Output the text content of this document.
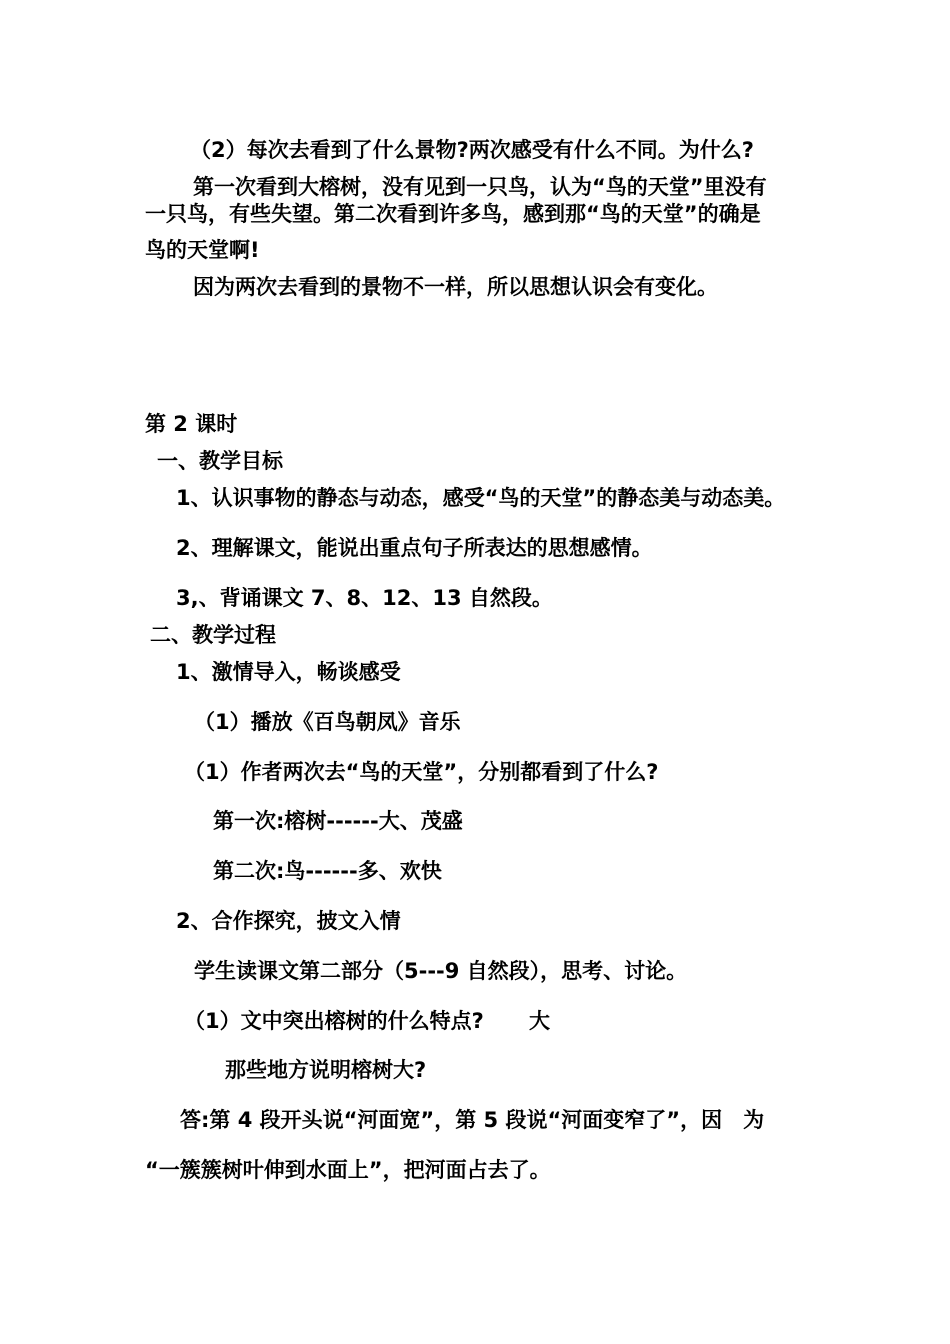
（2）每次去看到了什么景物?两次感受有什么不同。为什么?
第一次看到大榕树，没有见到一只鸟，认为“鸟的天堂”里没有
一只鸟，有些失望。第二次看到许多鸟，感到那“鸟的天堂”的确是
鸟的天堂啊!
因为两次去看到的景物不一样，所以思想认识会有变化。
第 2 课时
一、教学目标
1、认识事物的静态与动态，感受“鸟的天堂”的静态美与动态美。
2、理解课文，能说出重点句子所表达的思想感情。
3,、背诵课文 7、8、12、13 自然段。
二、教学过程
1、激情导入，畅谈感受
（1）播放《百鸟朝凤》音乐
（1）作者两次去“鸟的天堂”，分别都看到了什么?
第一次:榕树------大、茂盛
第二次:鸟------多、欢快
2、合作探究，披文入情
学生读课文第二部分（5---9 自然段），思考、讨论。
（1）文中突出榕树的什么特点? 大
那些地方说明榕树大?
答:第 4 段开头说“河面宽”，第 5 段说“河面变窄了”，因　为
“一簇簇树叶伸到水面上”，把河面占去了。
